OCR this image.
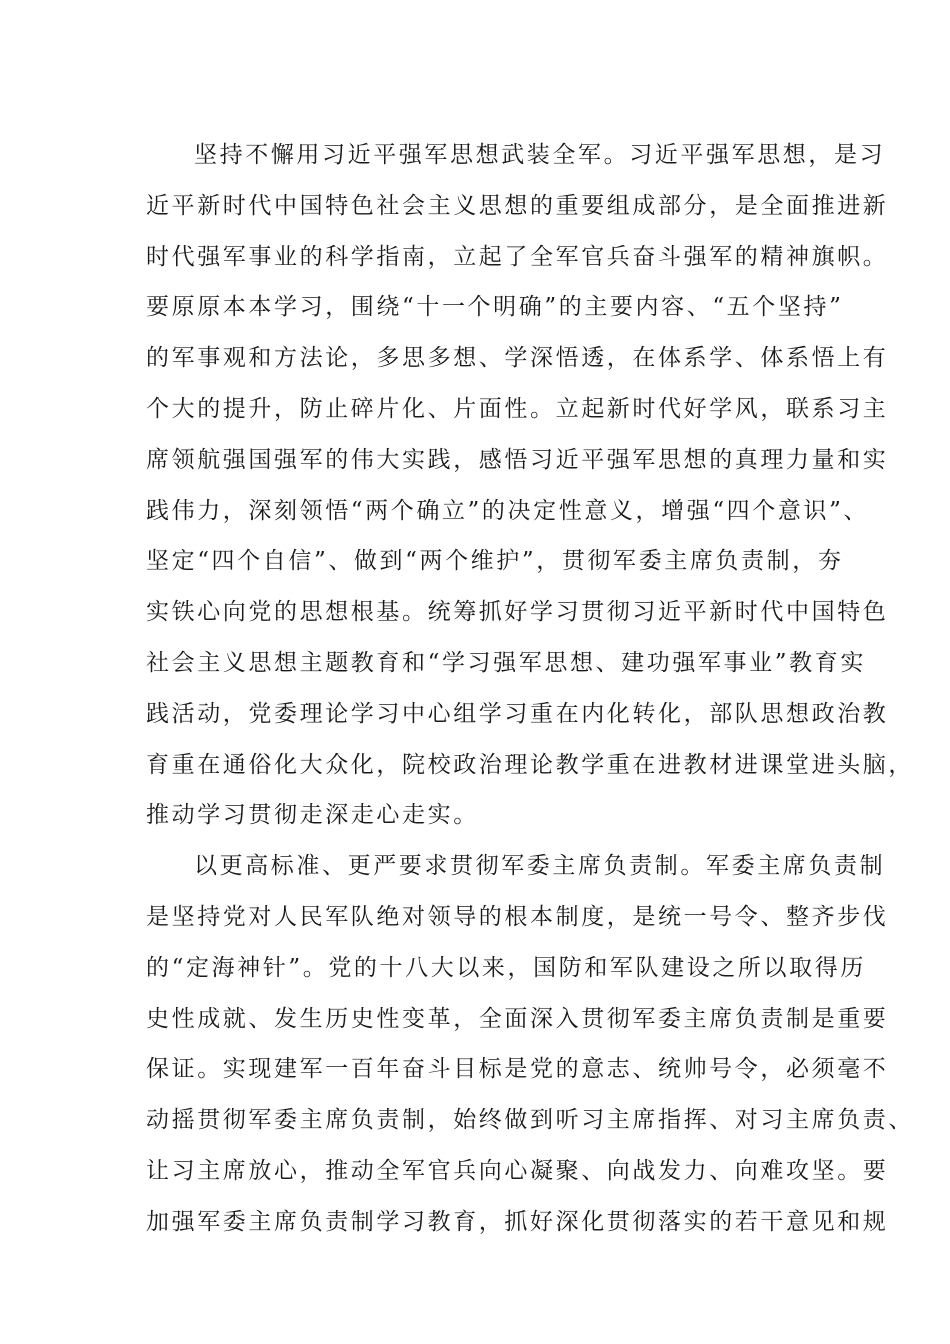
坚持不懈用习近平强军思想武装全军。习近平强军思想，是习
近平新时代中国特色社会主义思想的重要组成部分，是全面推进新
时代强军事业的科学指南，立起了全军官兵奋斗强军的精神旗帜。
要原原本本学习，围绕“十一个明确”的主要内容、“五个坚持”
的军事观和方法论，多思多想、学深悟透，在体系学、体系悟上有
个大的提升，防止碎片化、片面性。立起新时代好学风，联系习主
席领航强国强军的伟大实践，感悟习近平强军思想的真理力量和实
践伟力，深刻领悟“两个确立”的决定性意义，增强“四个意识”、
坚定“四个自信”、做到“两个维护”，贯彻军委主席负责制，夯
实铁心向党的思想根基。统筹抓好学习贯彻习近平新时代中国特色
社会主义思想主题教育和“学习强军思想、建功强军事业”教育实
践活动，党委理论学习中心组学习重在内化转化，部队思想政治教
育重在通俗化大众化，院校政治理论教学重在进教材进课堂进头脑，
推动学习贯彻走深走心走实。
以更高标准、更严要求贯彻军委主席负责制。军委主席负责制
是坚持党对人民军队绝对领导的根本制度，是统一号令、整齐步伐
的“定海神针”。党的十八大以来，国防和军队建设之所以取得历
史性成就、发生历史性变革，全面深入贯彻军委主席负责制是重要
保证。实现建军一百年奋斗目标是党的意志、统帅号令，必须毫不
动摇贯彻军委主席负责制，始终做到听习主席指挥、对习主席负责、
让习主席放心，推动全军官兵向心凝聚、向战发力、向难攻坚。要
加强军委主席负责制学习教育，抓好深化贯彻落实的若干意见和规
